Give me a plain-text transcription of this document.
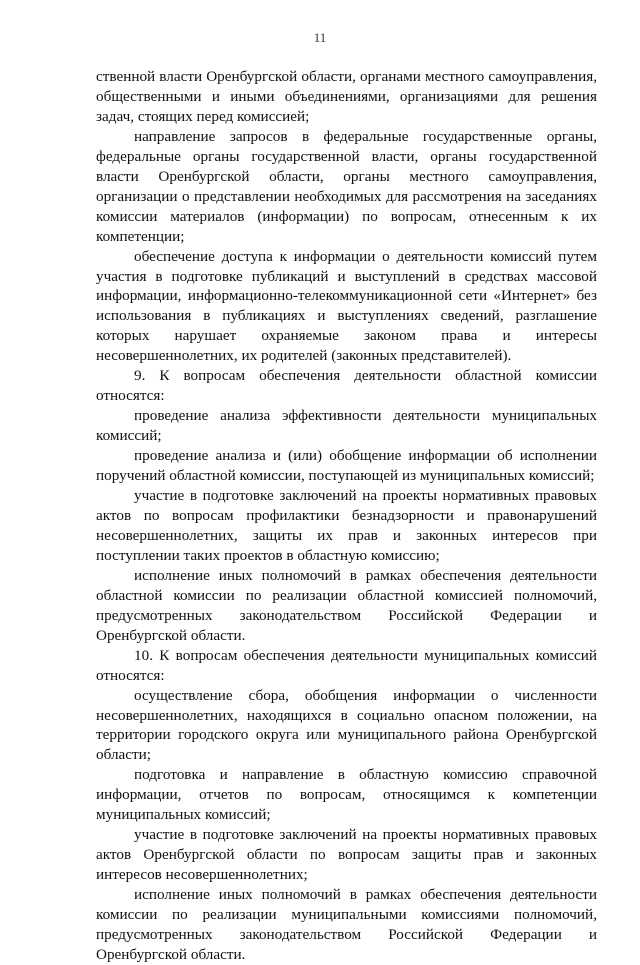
11

ственной власти Оренбургской области, органами местного самоуправления, общественными и иными объединениями, организациями для решения задач, стоящих перед комиссией;

направление запросов в федеральные государственные органы, федеральные органы государственной власти, органы государственной власти Оренбургской области, органы местного самоуправления, организации о представлении необходимых для рассмотрения на заседаниях комиссии материалов (информации) по вопросам, отнесенным к их компетенции;

обеспечение доступа к информации о деятельности комиссий путем участия в подготовке публикаций и выступлений в средствах массовой информации, информационно-телекоммуникационной сети «Интернет» без использования в публикациях и выступлениях сведений, разглашение которых нарушает охраняемые законом права и интересы несовершеннолетних, их родителей (законных представителей).

9. К вопросам обеспечения деятельности областной комиссии относятся:

проведение анализа эффективности деятельности муниципальных комиссий;

проведение анализа и (или) обобщение информации об исполнении поручений областной комиссии, поступающей из муниципальных комиссий;

участие в подготовке заключений на проекты нормативных правовых актов по вопросам профилактики безнадзорности и правонарушений несовершеннолетних, защиты их прав и законных интересов при поступлении таких проектов в областную комиссию;

исполнение иных полномочий в рамках обеспечения деятельности областной комиссии по реализации областной комиссией полномочий, предусмотренных законодательством Российской Федерации и Оренбургской области.

10. К вопросам обеспечения деятельности муниципальных комиссий относятся:

осуществление сбора, обобщения информации о численности несовершеннолетних, находящихся в социально опасном положении, на территории городского округа или муниципального района Оренбургской области;

подготовка и направление в областную комиссию справочной информации, отчетов по вопросам, относящимся к компетенции муниципальных комиссий;

участие в подготовке заключений на проекты нормативных правовых актов Оренбургской области по вопросам защиты прав и законных интересов несовершеннолетних;

исполнение иных полномочий в рамках обеспечения деятельности комиссии по реализации муниципальными комиссиями полномочий, предусмотренных законодательством Российской Федерации и Оренбургской области.
